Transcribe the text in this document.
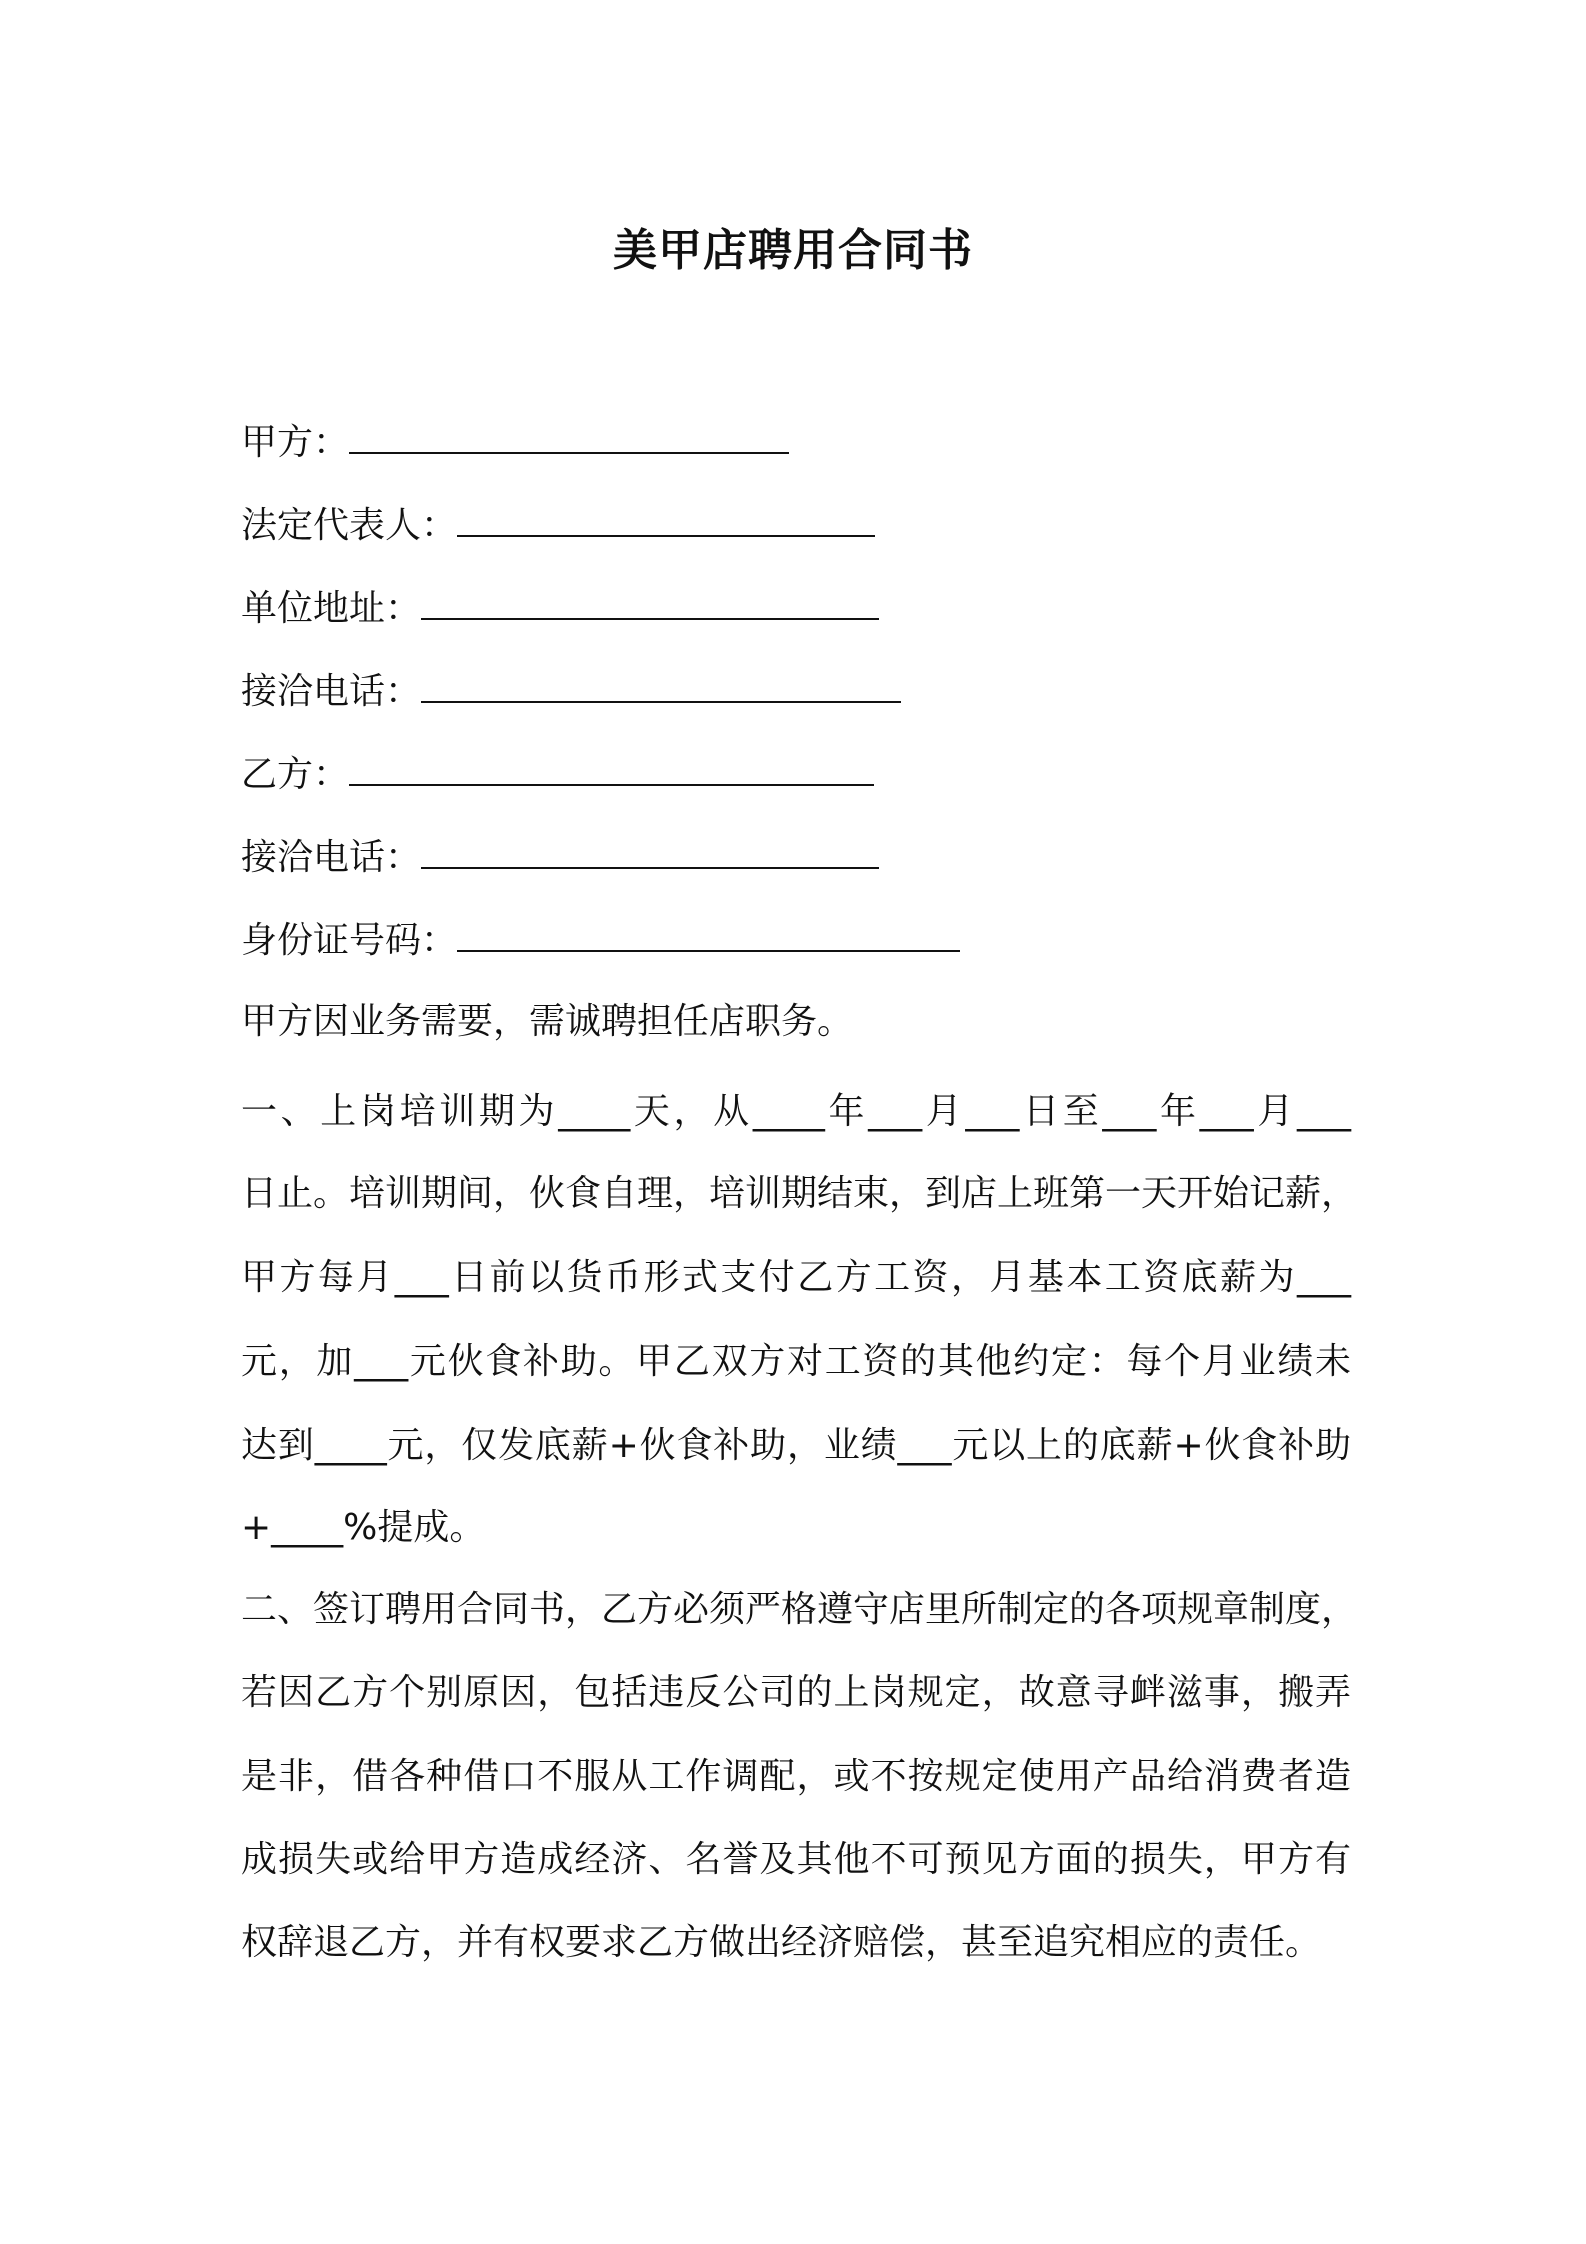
美甲店聘用合同书
甲方：
法定代表人：
单位地址：
接洽电话：
乙方：
接洽电话：
身份证号码：
甲方因业务需要，需诚聘担任店职务。
一、上岗培训期为____天，从____年___月___日至___年___月___
日止。培训期间，伙食自理，培训期结束，到店上班第一天开始记薪，
甲方每月___日前以货币形式支付乙方工资，月基本工资底薪为___
元，加___元伙食补助。甲乙双方对工资的其他约定：每个月业绩未
达到____元，仅发底薪+伙食补助，业绩___元以上的底薪+伙食补助
+____%提成。
二、签订聘用合同书，乙方必须严格遵守店里所制定的各项规章制度，
若因乙方个别原因，包括违反公司的上岗规定，故意寻衅滋事，搬弄
是非，借各种借口不服从工作调配，或不按规定使用产品给消费者造
成损失或给甲方造成经济、名誉及其他不可预见方面的损失，甲方有
权辞退乙方，并有权要求乙方做出经济赔偿，甚至追究相应的责任。
